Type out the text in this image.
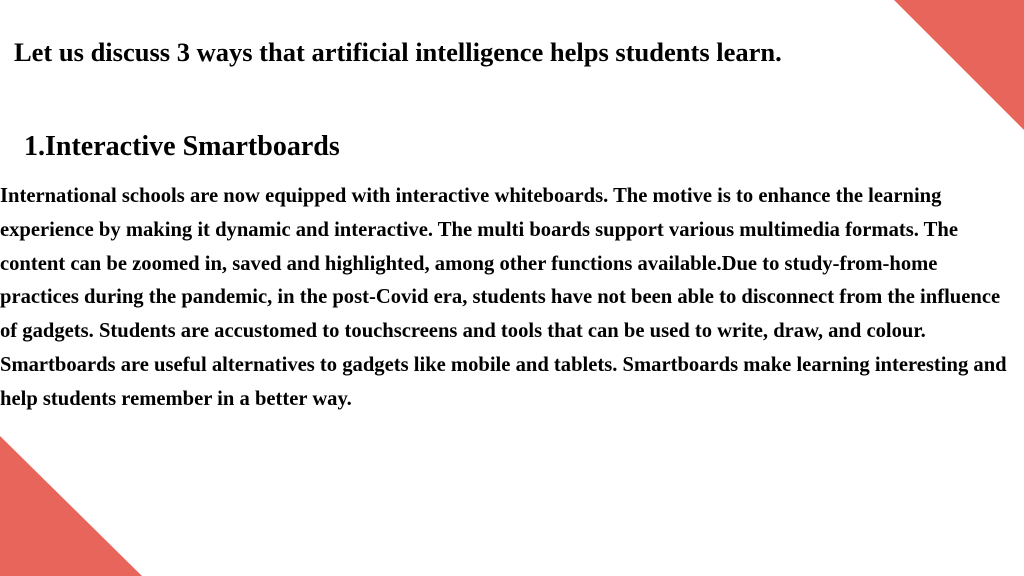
Let us discuss 3 ways that artificial intelligence helps students learn.
1.Interactive Smartboards

International schools are now equipped with interactive whiteboards. The motive is to enhance the learning experience by making it dynamic and interactive. The multi boards support various multimedia formats. The content can be zoomed in, saved and highlighted, among other functions available.Due to study-from-home practices during the pandemic, in the post-Covid era, students have not been able to disconnect from the influence of gadgets. Students are accustomed to touchscreens and tools that can be used to write, draw, and colour. Smartboards are useful alternatives to gadgets like mobile and tablets. Smartboards make learning interesting and help students remember in a better way.
